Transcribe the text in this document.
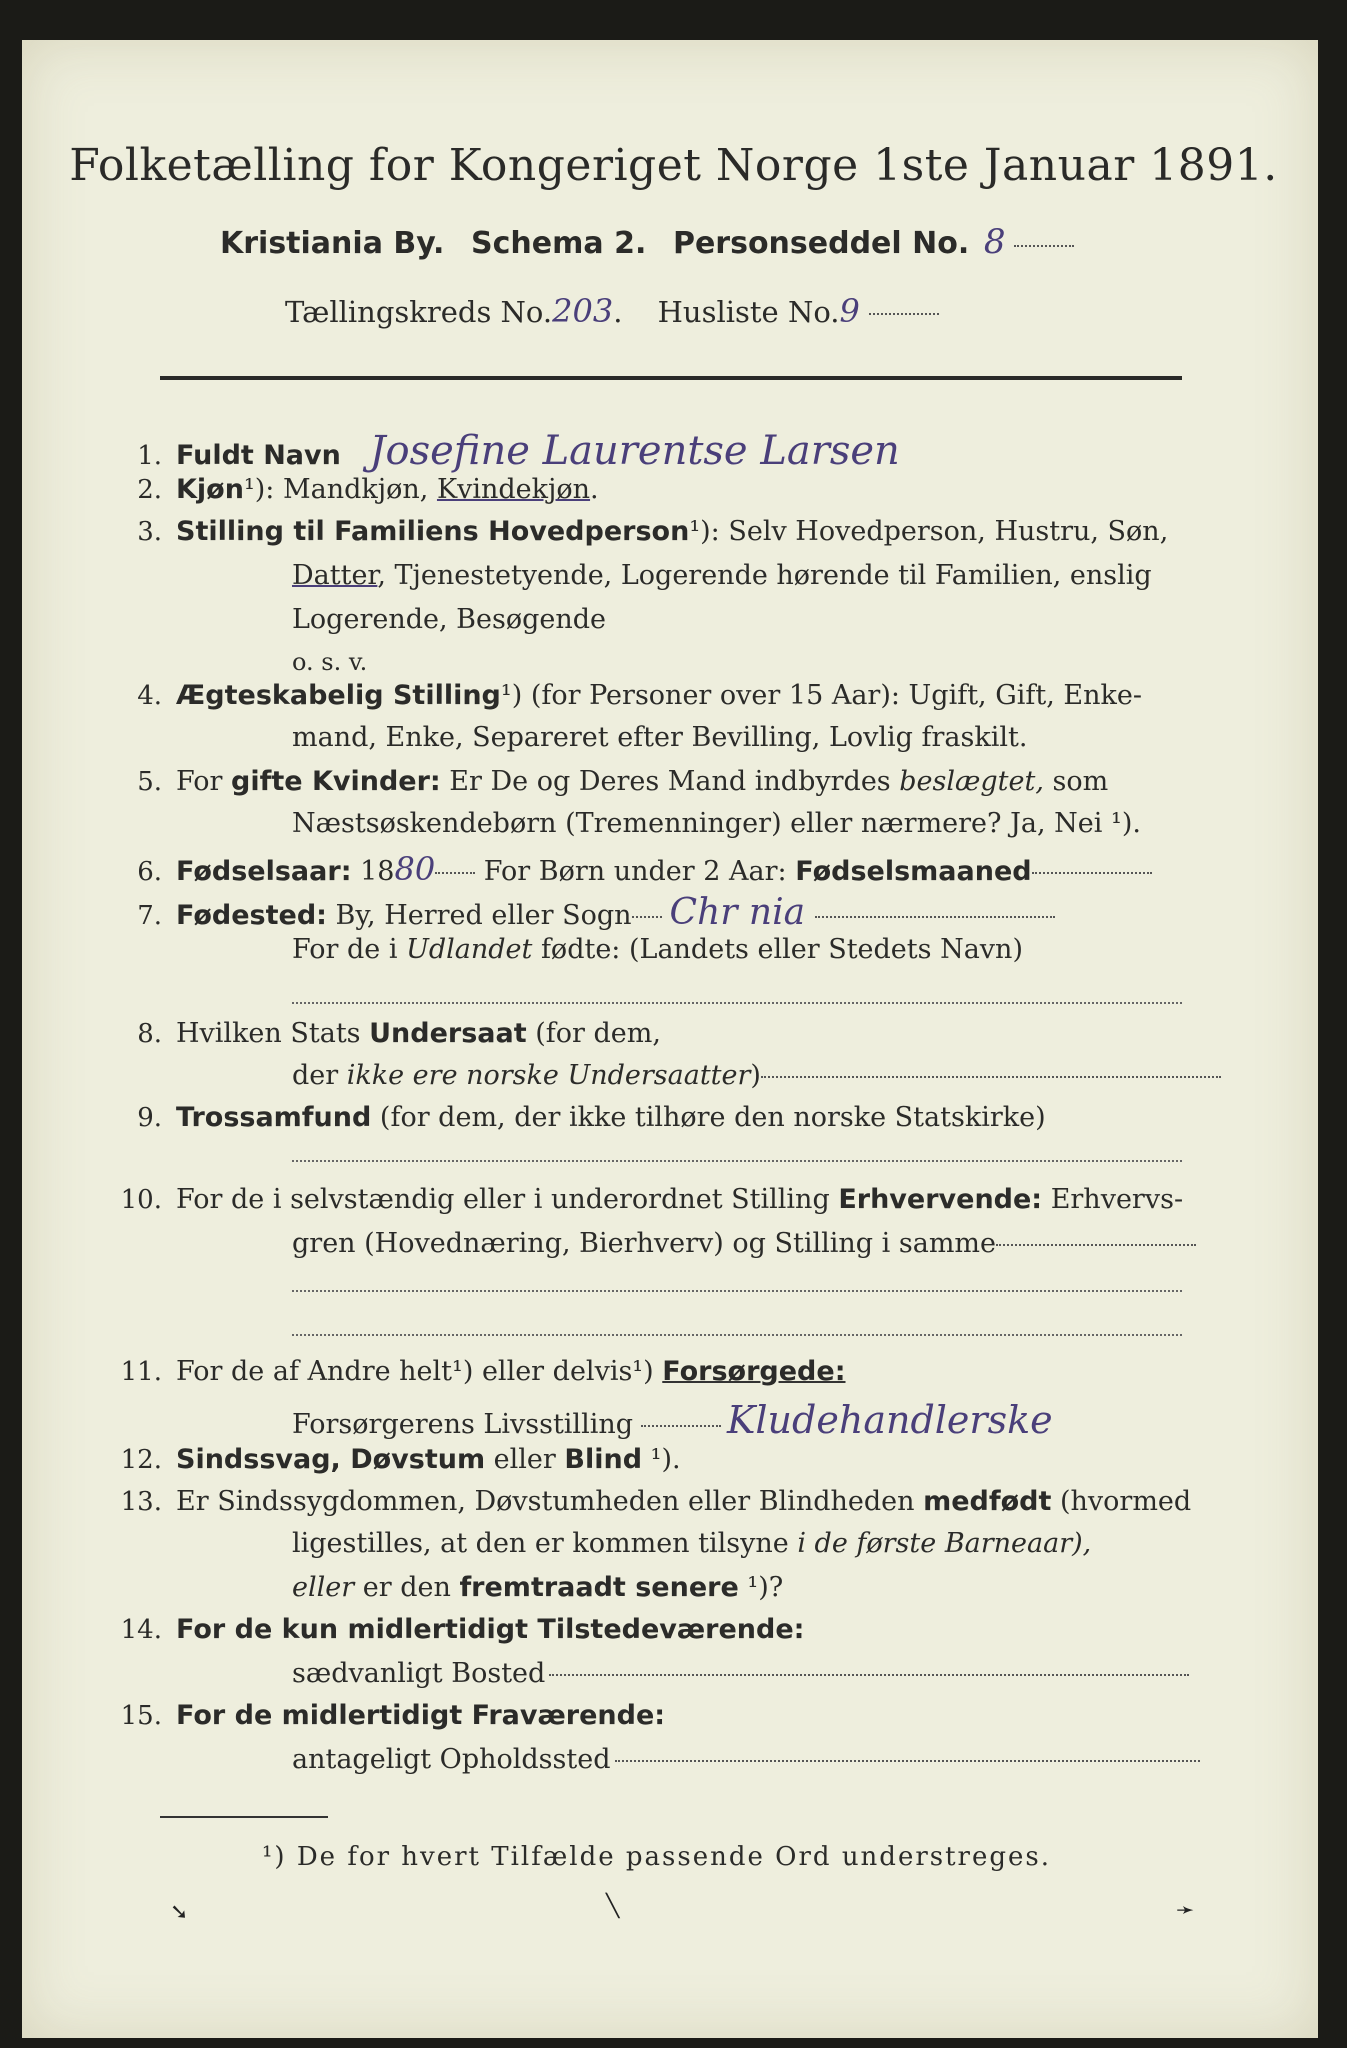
Folketælling for Kongeriget Norge 1ste Januar 1891.
Kristiania By. Schema 2. Personseddel No. 8
Tællingskreds No.203. Husliste No.9
1. Fuldt Navn Josefine Laurentse Larsen
2. Kjøn¹): Mandkjøn, Kvindekjøn.
3. Stilling til Familiens Hovedperson¹): Selv Hovedperson, Hustru, Søn,
Datter, Tjenestetyende, Logerende hørende til Familien, enslig
Logerende, Besøgende
o. s. v.
4. Ægteskabelig Stilling¹) (for Personer over 15 Aar): Ugift, Gift, Enke-
mand, Enke, Separeret efter Bevilling, Lovlig fraskilt.
5. For gifte Kvinder: Er De og Deres Mand indbyrdes beslægtet, som
Næstsøskendebørn (Tremenninger) eller nærmere? Ja, Nei ¹).
6. Fødselsaar: 1880 For Børn under 2 Aar: Fødselsmaaned
7. Fødested: By, Herred eller Sogn Chr nia
For de i Udlandet fødte: (Landets eller Stedets Navn)
8. Hvilken Stats Undersaat (for dem,
der ikke ere norske Undersaatter)
9. Trossamfund (for dem, der ikke tilhøre den norske Statskirke)
10. For de i selvstændig eller i underordnet Stilling Erhvervende: Erhvervs-
gren (Hovednæring, Bierhverv) og Stilling i samme
11. For de af Andre helt¹) eller delvis¹) Forsørgede:
Forsørgerens Livsstilling Kludehandlerske
12. Sindssvag, Døvstum eller Blind ¹).
13. Er Sindssygdommen, Døvstumheden eller Blindheden medfødt (hvormed
ligestilles, at den er kommen tilsyne i de første Barneaar),
eller er den fremtraadt senere ¹)?
14. For de kun midlertidigt Tilstedeværende:
sædvanligt Bosted
15. For de midlertidigt Fraværende:
antageligt Opholdssted
¹) De for hvert Tilfælde passende Ord understreges.
➘	╲	➛
